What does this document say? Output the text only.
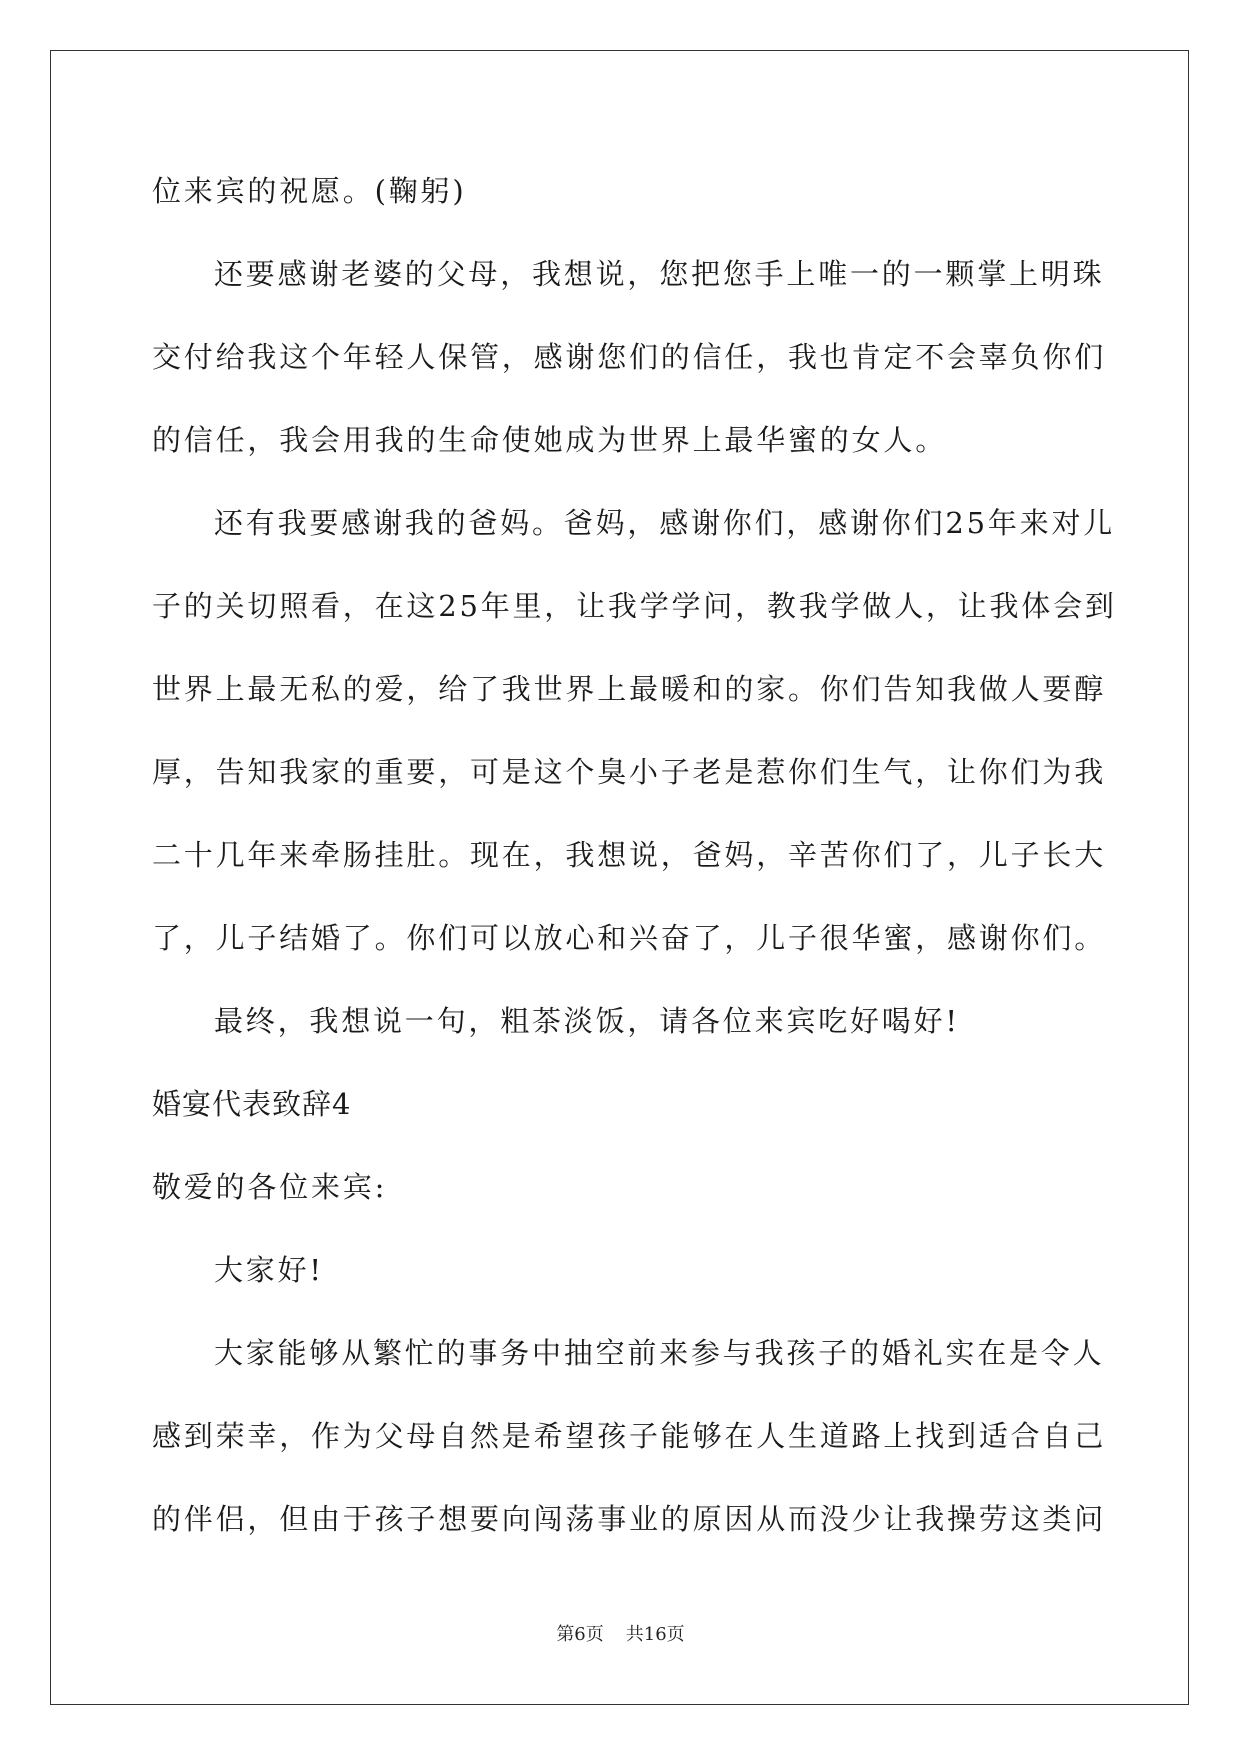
位来宾的祝愿。(鞠躬)

还要感谢老婆的父母，我想说，您把您手上唯一的一颗掌上明珠

交付给我这个年轻人保管，感谢您们的信任，我也肯定不会辜负你们

的信任，我会用我的生命使她成为世界上最华蜜的女人。

还有我要感谢我的爸妈。爸妈，感谢你们，感谢你们25年来对儿

子的关切照看，在这25年里，让我学学问，教我学做人，让我体会到

世界上最无私的爱，给了我世界上最暖和的家。你们告知我做人要醇

厚，告知我家的重要，可是这个臭小子老是惹你们生气，让你们为我

二十几年来牵肠挂肚。现在，我想说，爸妈，辛苦你们了，儿子长大

了，儿子结婚了。你们可以放心和兴奋了，儿子很华蜜，感谢你们。

最终，我想说一句，粗茶淡饭，请各位来宾吃好喝好!

婚宴代表致辞4

敬爱的各位来宾:

大家好!

大家能够从繁忙的事务中抽空前来参与我孩子的婚礼实在是令人

感到荣幸，作为父母自然是希望孩子能够在人生道路上找到适合自己

的伴侣，但由于孩子想要向闯荡事业的原因从而没少让我操劳这类问

第6页 共16页
